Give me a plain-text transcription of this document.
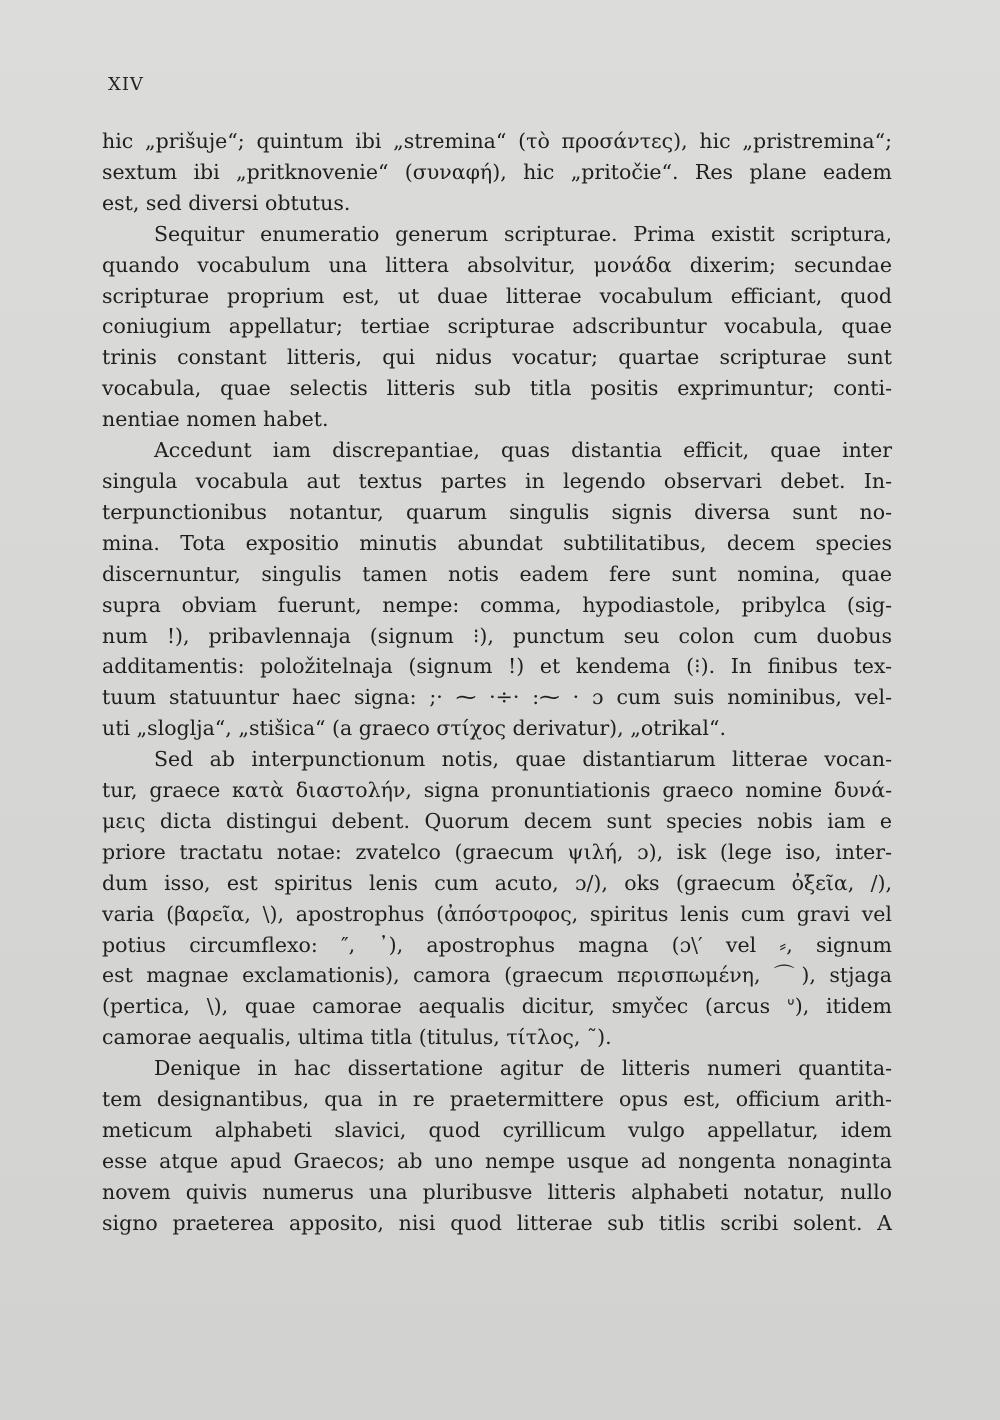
XIV
hic „prišuje“; quintum ibi „stremina“ (τὸ προσάντες), hic „pristremina“;
sextum ibi „pritknovenie“ (συναφή), hic „pritočie“. Res plane eadem
est, sed diversi obtutus.
Sequitur enumeratio generum scripturae. Prima existit scriptura,
quando vocabulum una littera absolvitur, μονάδα dixerim; secundae
scripturae proprium est, ut duae litterae vocabulum efficiant, quod
coniugium appellatur; tertiae scripturae adscribuntur vocabula, quae
trinis constant litteris, qui nidus vocatur; quartae scripturae sunt
vocabula, quae selectis litteris sub titla positis exprimuntur; conti-
nentiae nomen habet.
Accedunt iam discrepantiae, quas distantia efficit, quae inter
singula vocabula aut textus partes in legendo observari debet. In-
terpunctionibus notantur, quarum singulis signis diversa sunt no-
mina. Tota expositio minutis abundat subtilitatibus, decem species
discernuntur, singulis tamen notis eadem fere sunt nomina, quae
supra obviam fuerunt, nempe: comma, hypodiastole, pribylca (sig-
num !), pribavlennaja (signum ⁝), punctum seu colon cum duobus
additamentis: položitelnaja (signum !) et kendema (⁝). In finibus tex-
tuum statuuntur haec signa: ;· ⁓ ·÷· :⁓ · ɔ cum suis nominibus, vel-
uti „sloglja“, „stišica“ (a graeco στίχος derivatur), „otrikal“.
Sed ab interpunctionum notis, quae distantiarum litterae vocan-
tur, graece κατὰ διαστολήν, signa pronuntiationis graeco nomine δυνά-
μεις dicta distingui debent. Quorum decem sunt species nobis iam e
priore tractatu notae: zvatelco (graecum ψιλή, ɔ), isk (lege iso, inter-
dum isso, est spiritus lenis cum acuto, ɔ/), oks (graecum ὀξεῖα, /),
varia (βαρεῖα, \), apostrophus (ἀπόστροφος, spiritus lenis cum gravi vel
potius circumflexo: ″, ᾿), apostrophus magna (ɔ\′ vel ⸗, signum
est magnae exclamationis), camora (graecum περισπωμένη, ⌒), stjaga
(pertica, \), quae camorae aequalis dicitur, smyčec (arcus ᐡ), itidem
camorae aequalis, ultima titla (titulus, τίτλος, ˜).
Denique in hac dissertatione agitur de litteris numeri quantita-
tem designantibus, qua in re praetermittere opus est, officium arith-
meticum alphabeti slavici, quod cyrillicum vulgo appellatur, idem
esse atque apud Graecos; ab uno nempe usque ad nongenta nonaginta
novem quivis numerus una pluribusve litteris alphabeti notatur, nullo
signo praeterea apposito, nisi quod litterae sub titlis scribi solent. A
